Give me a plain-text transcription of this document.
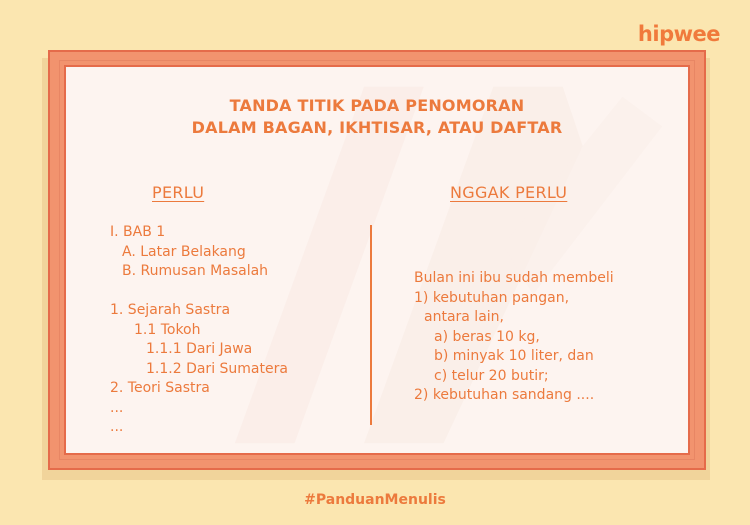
hipwee
TANDA TITIK PADA PENOMORAN
DALAM BAGAN, IKHTISAR, ATAU DAFTAR
PERLU	NGGAK PERLU
I. BAB 1
A. Latar Belakang
B. Rumusan Masalah

1. Sejarah Sastra
1.1 Tokoh
1.1.1 Dari Jawa
1.1.2 Dari Sumatera
2. Teori Sastra
...
...
Bulan ini ibu sudah membeli
1) kebutuhan pangan,
antara lain,
a) beras 10 kg,
b) minyak 10 liter, dan
c) telur 20 butir;
2) kebutuhan sandang ....
#PanduanMenulis
